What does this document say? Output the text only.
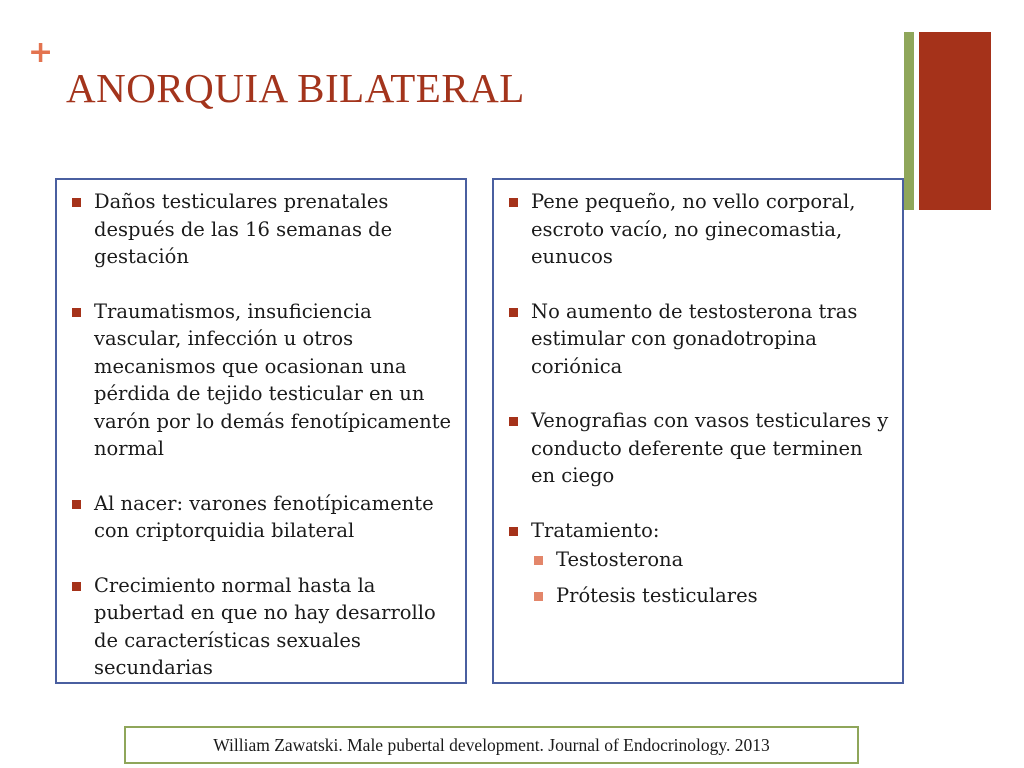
+
ANORQUIA BILATERAL
Daños testiculares prenatales después de las 16 semanas de gestación
Traumatismos, insuficiencia vascular, infección u otros mecanismos que ocasionan una pérdida de tejido testicular en un varón por lo demás fenotípicamente normal
Al nacer: varones fenotípicamente con criptorquidia bilateral
Crecimiento normal hasta la pubertad en que no hay desarrollo de características sexuales secundarias
Pene pequeño, no vello corporal, escroto vacío, no ginecomastia, eunucos
No aumento de testosterona tras estimular con gonadotropina coriónica
Venografias con vasos testiculares y conducto deferente que terminen en ciego
Tratamiento:
Testosterona
Prótesis testiculares
William Zawatski. Male pubertal development. Journal of Endocrinology. 2013
